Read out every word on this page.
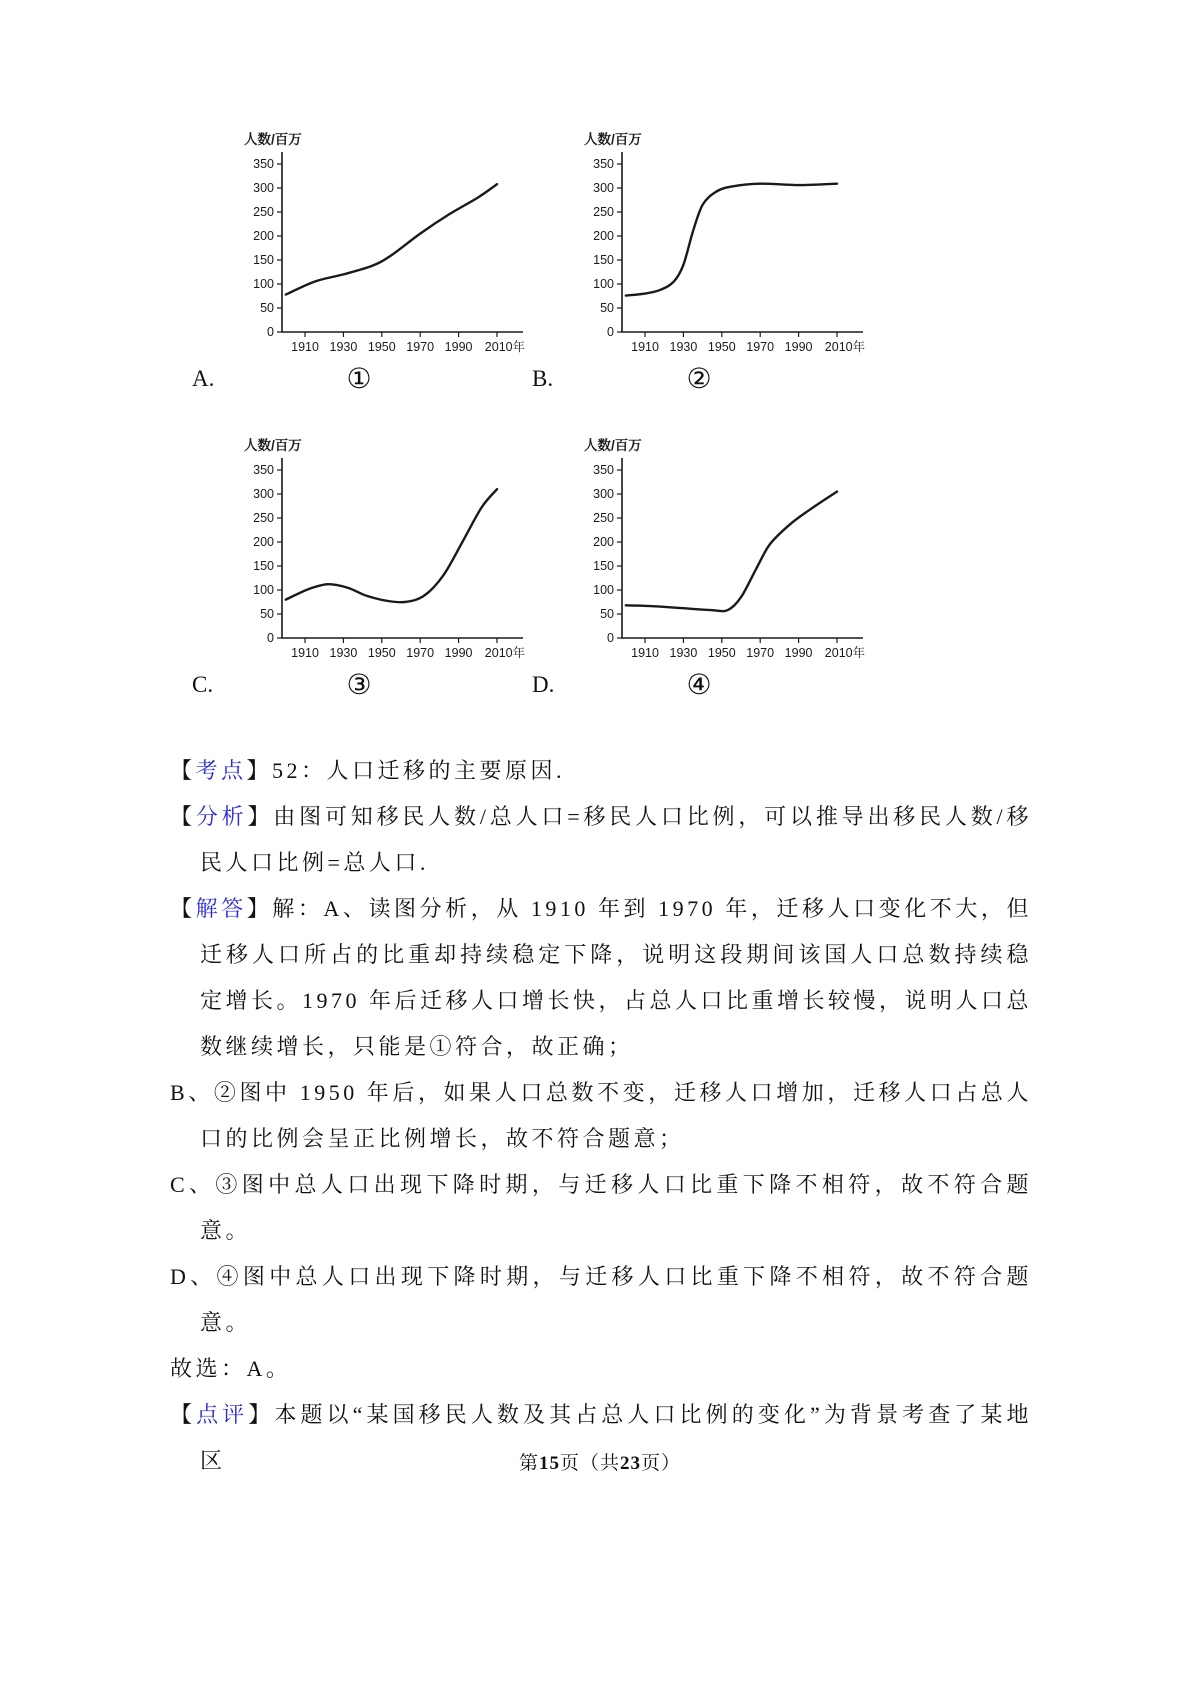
0
50
100
150
200
250
300
350
1910 1930 1950 1970 1990 2010年
人数/百万
A.	①
0
50
100
150
200
250
300
350
1910 1930 1950 1970 1990 2010年
人数/百万
B.	②
0
50
100
150
200
250
300
350
1910 1930 1950 1970 1990 2010年
人数/百万
C.	③
0
50
100
150
200
250
300
350
1910 1930 1950 1970 1990 2010年
人数/百万
D.	④

【考点】52：人口迁移的主要原因.

【分析】由图可知移民人数/总人口=移民人口比例，可以推导出移民人数/移民人口比例=总人口.

【解答】解：A、读图分析，从 1910 年到 1970 年，迁移人口变化不大，但迁移人口所占的比重却持续稳定下降，说明这段期间该国人口总数持续稳定增长。1970 年后迁移人口增长快，占总人口比重增长较慢，说明人口总数继续增长，只能是①符合，故正确；

B、②图中 1950 年后，如果人口总数不变，迁移人口增加，迁移人口占总人口的比例会呈正比例增长，故不符合题意；

C、③图中总人口出现下降时期，与迁移人口比重下降不相符，故不符合题意。

D、④图中总人口出现下降时期，与迁移人口比重下降不相符，故不符合题意。

故选：A。

【点评】本题以“某国移民人数及其占总人口比例的变化”为背景考查了某地区	第15页（共23页）
